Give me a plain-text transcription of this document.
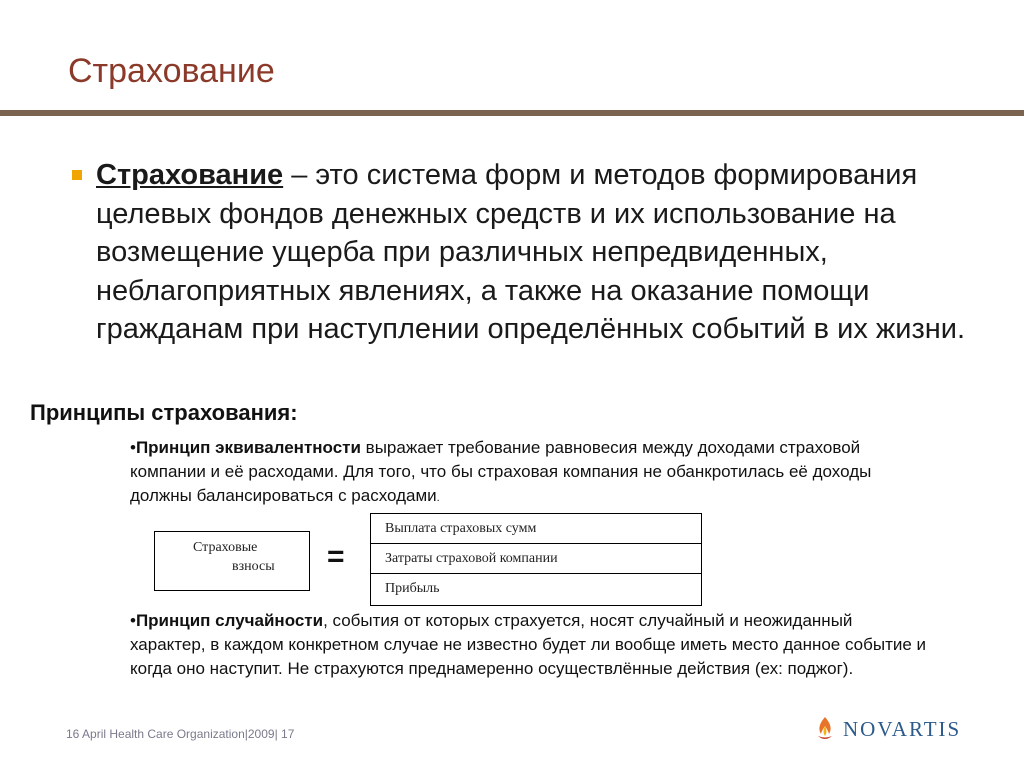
Страхование
Страхование – это система форм и методов формирования целевых фондов денежных средств и их использование на возмещение ущерба при различных непредвиденных, неблагоприятных явлениях, а также на оказание помощи гражданам при наступлении определённых событий в их жизни.
Принципы страхования:
•Принцип эквивалентности выражает требование равновесия между доходами страховой компании и её расходами. Для того, что бы страховая компания не обанкротилась её доходы должны балансироваться с расходами.
Страховые
взносы =
Выплата страховых сумм
Затраты страховой компании
Прибыль
•Принцип случайности, события от которых страхуется, носят случайный и неожиданный характер, в каждом конкретном случае не известно будет ли вообще иметь место данное событие и когда оно наступит. Не страхуются преднамеренно осуществлённые действия (ех: поджог).
16 April Health Care Organization|2009| 17	NOVARTIS
